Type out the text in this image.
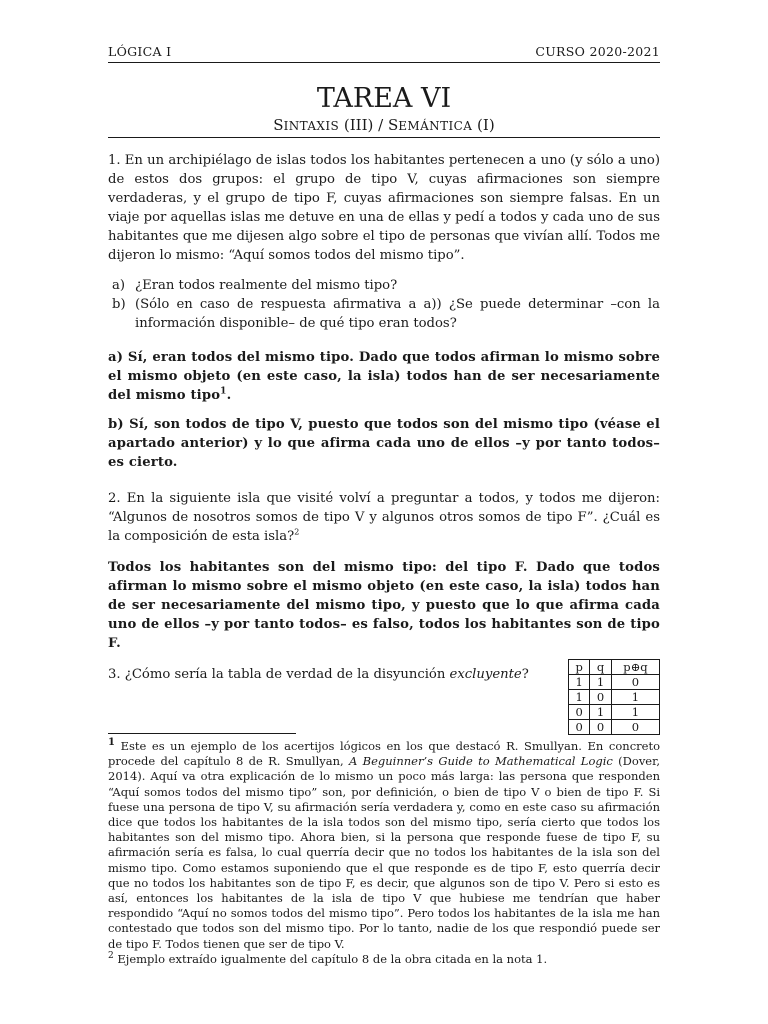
LÓGICA I	CURSO 2020-2021
TAREA VI
SINTAXIS (III) / SEMÁNTICA (I)

1. En un archipiélago de islas todos los habitantes pertenecen a uno (y sólo a uno) de estos dos grupos: el grupo de tipo V, cuyas afirmaciones son siempre verdaderas, y el grupo de tipo F, cuyas afirmaciones son siempre falsas. En un viaje por aquellas islas me detuve en una de ellas y pedí a todos y cada uno de sus habitantes que me dijesen algo sobre el tipo de personas que vivían allí. Todos me dijeron lo mismo: “Aquí somos todos del mismo tipo”.

a) ¿Eran todos realmente del mismo tipo?
b) (Sólo en caso de respuesta afirmativa a a)) ¿Se puede determinar –con la información disponible– de qué tipo eran todos?

a) Sí, eran todos del mismo tipo. Dado que todos afirman lo mismo sobre el mismo objeto (en este caso, la isla) todos han de ser necesariamente del mismo tipo$^1$.

b) Sí, son todos de tipo V, puesto que todos son del mismo tipo (véase el apartado anterior) y lo que afirma cada uno de ellos –y por tanto todos– es cierto.

2. En la siguiente isla que visité volví a preguntar a todos, y todos me dijeron: “Algunos de nosotros somos de tipo V y algunos otros somos de tipo F”. ¿Cuál es la composición de esta isla?$^2$

Todos los habitantes son del mismo tipo: del tipo F. Dado que todos afirman lo mismo sobre el mismo objeto (en este caso, la isla) todos han de ser necesariamente del mismo tipo, y puesto que lo que afirma cada uno de ellos –y por tanto todos– es falso, todos los habitantes son de tipo F.

3. ¿Cómo sería la tabla de verdad de la disyunción excluyente?

p	q	p⊕q
1	1	0
1	0	1
0	1	1
0	0	0

$^1$ Este es un ejemplo de los acertijos lógicos en los que destacó R. Smullyan. En concreto procede del capítulo 8 de R. Smullyan, A Beguinner’s Guide to Mathematical Logic (Dover, 2014). Aquí va otra explicación de lo mismo un poco más larga: las persona que responden “Aquí somos todos del mismo tipo” son, por definición, o bien de tipo V o bien de tipo F. Si fuese una persona de tipo V, su afirmación sería verdadera y, como en este caso su afirmación dice que todos los habitantes de la isla todos son del mismo tipo, sería cierto que todos los habitantes son del mismo tipo. Ahora bien, si la persona que responde fuese de tipo F, su afirmación sería es falsa, lo cual querría decir que no todos los habitantes de la isla son del mismo tipo. Como estamos suponiendo que el que responde es de tipo F, esto querría decir que no todos los habitantes son de tipo F, es decir, que algunos son de tipo V. Pero si esto es así, entonces los habitantes de la isla de tipo V que hubiese me tendrían que haber respondido “Aquí no somos todos del mismo tipo”. Pero todos los habitantes de la isla me han contestado que todos son del mismo tipo. Por lo tanto, nadie de los que respondió puede ser de tipo F. Todos tienen que ser de tipo V.

$^2$ Ejemplo extraído igualmente del capítulo 8 de la obra citada en la nota 1.
